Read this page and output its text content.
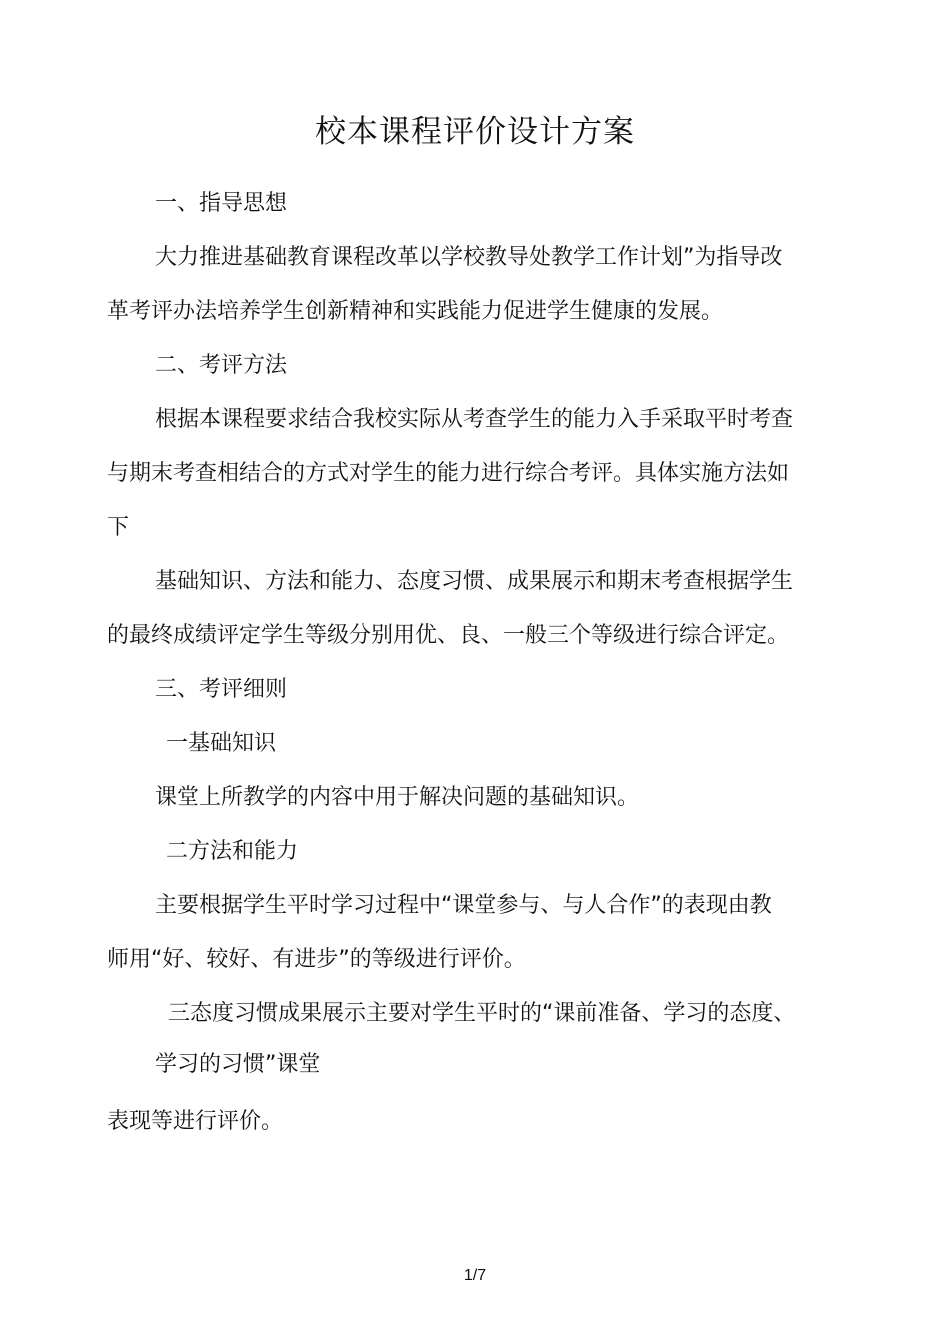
校本课程评价设计方案
一、指导思想
大力推进基础教育课程改革以学校教导处教学工作计划”为指导改
革考评办法培养学生创新精神和实践能力促进学生健康的发展。
二、考评方法
根据本课程要求结合我校实际从考查学生的能力入手采取平时考查
与期末考查相结合的方式对学生的能力进行综合考评。具体实施方法如
下
基础知识、方法和能力、态度习惯、成果展示和期末考查根据学生
的最终成绩评定学生等级分别用优、良、一般三个等级进行综合评定。
三、考评细则
一基础知识
课堂上所教学的内容中用于解决问题的基础知识。
二方法和能力
主要根据学生平时学习过程中“课堂参与、与人合作”的表现由教
师用“好、较好、有进步”的等级进行评价。
三态度习惯成果展示主要对学生平时的“课前准备、学习的态度、
学习的习惯”课堂
表现等进行评价。
1/7
